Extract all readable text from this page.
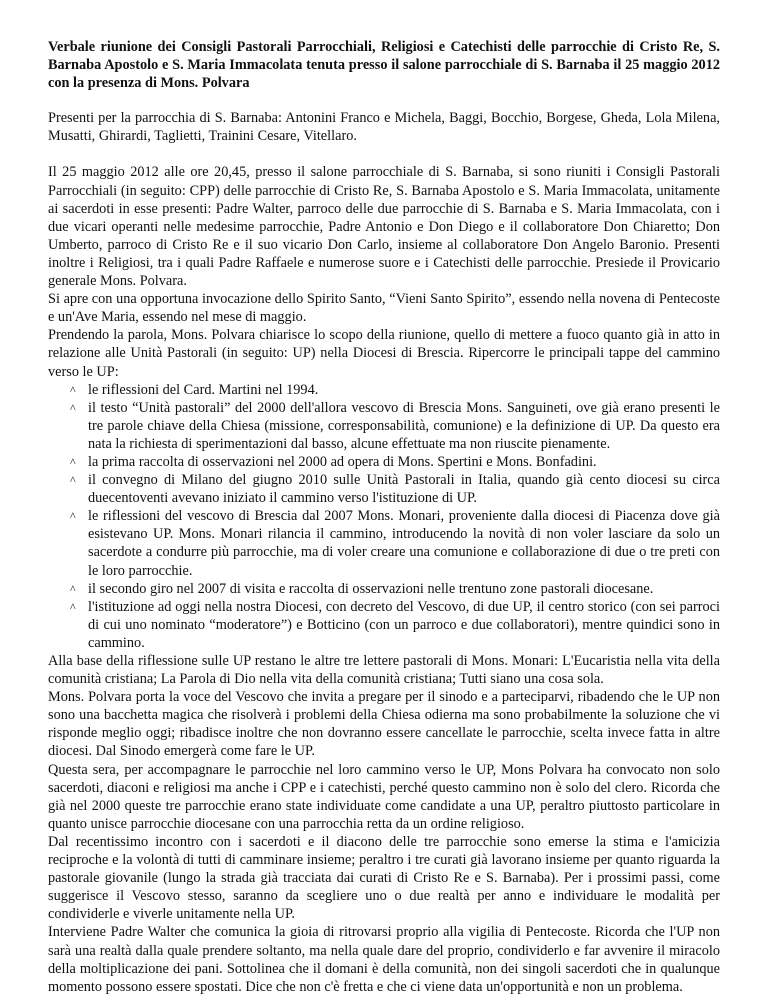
Verbale riunione dei Consigli Pastorali Parrocchiali, Religiosi e Catechisti delle parrocchie di Cristo Re, S. Barnaba Apostolo e S. Maria Immacolata tenuta presso il salone parrocchiale di S. Barnaba il 25 maggio 2012 con la presenza di Mons. Polvara

Presenti per la parrocchia di S. Barnaba: Antonini Franco e Michela, Baggi, Bocchio, Borgese, Gheda, Lola Milena, Musatti, Ghirardi, Taglietti, Trainini Cesare, Vitellaro.

Il 25 maggio 2012 alle ore 20,45, presso il salone parrocchiale di S. Barnaba, si sono riuniti i Consigli Pastorali Parrocchiali (in seguito: CPP) delle parrocchie di Cristo Re, S. Barnaba Apostolo e S. Maria Immacolata, unitamente ai sacerdoti in esse presenti: Padre Walter, parroco delle due parrocchie di S. Barnaba e S. Maria Immacolata, con i due vicari operanti nelle medesime parrocchie, Padre Antonio e Don Diego e il collaboratore Don Chiaretto; Don Umberto, parroco di Cristo Re e il suo vicario Don Carlo, insieme al collaboratore Don Angelo Baronio. Presenti inoltre i Religiosi, tra i quali Padre Raffaele e numerose suore e i Catechisti delle parrocchie. Presiede il Provicario generale Mons. Polvara.

Si apre con una opportuna invocazione dello Spirito Santo, “Vieni Santo Spirito”, essendo nella novena di Pentecoste e un'Ave Maria, essendo nel mese di maggio.

Prendendo la parola, Mons. Polvara chiarisce lo scopo della riunione, quello di mettere a fuoco quanto già in atto in relazione alle Unità Pastorali (in seguito: UP) nella Diocesi di Brescia. Ripercorre le principali tappe del cammino verso le UP:

^ le riflessioni del Card. Martini nel 1994.
^ il testo “Unità pastorali” del 2000 dell'allora vescovo di Brescia Mons. Sanguineti, ove già erano presenti le tre parole chiave della Chiesa (missione, corresponsabilità, comunione) e la definizione di UP. Da questo era nata la richiesta di sperimentazioni dal basso, alcune effettuate ma non riuscite pienamente.
^ la prima raccolta di osservazioni nel 2000 ad opera di Mons. Spertini e Mons. Bonfadini.
^ il convegno di Milano del giugno 2010 sulle Unità Pastorali in Italia, quando già cento diocesi su circa duecentoventi avevano iniziato il cammino verso l'istituzione di UP.
^ le riflessioni del vescovo di Brescia dal 2007 Mons. Monari, proveniente dalla diocesi di Piacenza dove già esistevano UP. Mons. Monari rilancia il cammino, introducendo la novità di non voler lasciare da solo un sacerdote a condurre più parrocchie, ma di voler creare una comunione e collaborazione di due o tre preti con le loro parrocchie.
^ il secondo giro nel 2007 di visita e raccolta di osservazioni nelle trentuno zone pastorali diocesane.
^ l'istituzione ad oggi nella nostra Diocesi, con decreto del Vescovo, di due UP, il centro storico (con sei parroci di cui uno nominato “moderatore”) e Botticino (con un parroco e due collaboratori), mentre quindici sono in cammino.

Alla base della riflessione sulle UP restano le altre tre lettere pastorali di Mons. Monari: L'Eucaristia nella vita della comunità cristiana; La Parola di Dio nella vita della comunità cristiana; Tutti siano una cosa sola.

Mons. Polvara porta la voce del Vescovo che invita a pregare per il sinodo e a parteciparvi, ribadendo che le UP non sono una bacchetta magica che risolverà i problemi della Chiesa odierna ma sono probabilmente la soluzione che vi risponde meglio oggi; ribadisce inoltre che non dovranno essere cancellate le parrocchie, scelta invece fatta in altre diocesi. Dal Sinodo emergerà come fare le UP.

Questa sera, per accompagnare le parrocchie nel loro cammino verso le UP, Mons Polvara ha convocato non solo sacerdoti, diaconi e religiosi ma anche i CPP e i catechisti, perché questo cammino non è solo del clero. Ricorda che già nel 2000 queste tre parrocchie erano state individuate come candidate a una UP, peraltro piuttosto particolare in quanto unisce parrocchie diocesane con una parrocchia retta da un ordine religioso.

Dal recentissimo incontro con i sacerdoti e il diacono delle tre parrocchie sono emerse la stima e l'amicizia reciproche e la volontà di tutti di camminare insieme; peraltro i tre curati già lavorano insieme per quanto riguarda la pastorale giovanile (lungo la strada già tracciata dai curati di Cristo Re e S. Barnaba). Per i prossimi passi, come suggerisce il Vescovo stesso, saranno da scegliere uno o due realtà per anno e individuare le modalità per condividerle e viverle unitamente nella UP.

Interviene Padre Walter che comunica la gioia di ritrovarsi proprio alla vigilia di Pentecoste. Ricorda che l'UP non sarà una realtà dalla quale prendere soltanto, ma nella quale dare del proprio, condividerlo e far avvenire il miracolo della moltiplicazione dei pani. Sottolinea che il domani è della comunità, non dei singoli sacerdoti che in qualunque momento possono essere spostati. Dice che non c'è fretta e che ci viene data un'opportunità e non un problema.
